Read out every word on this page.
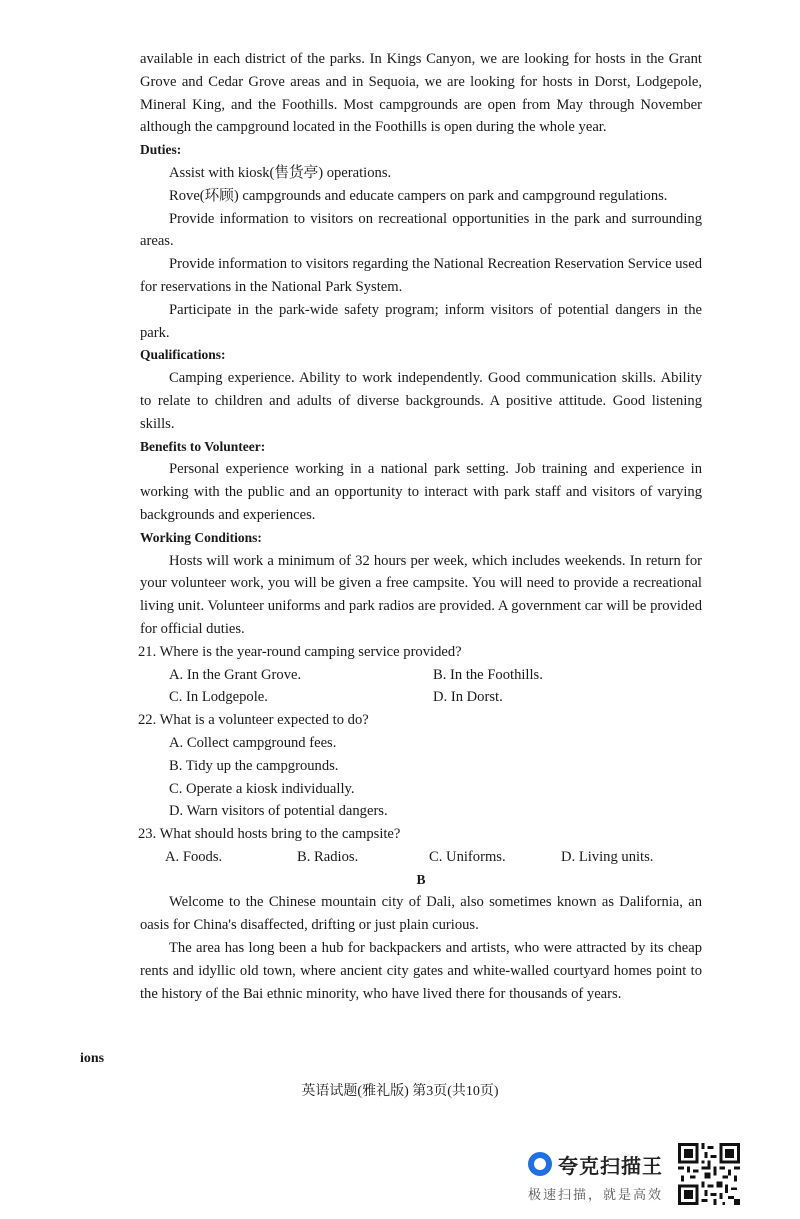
available in each district of the parks. In Kings Canyon, we are looking for hosts in the Grant Grove and Cedar Grove areas and in Sequoia, we are looking for hosts in Dorst, Lodgepole, Mineral King, and the Foothills. Most campgrounds are open from May through November although the campground located in the Foothills is open during the whole year.

Duties:

Assist with kiosk(售货亭) operations.

Rove(环顾) campgrounds and educate campers on park and campground regulations.

Provide information to visitors on recreational opportunities in the park and surrounding areas.

Provide information to visitors regarding the National Recreation Reservation Service used for reservations in the National Park System.

Participate in the park-wide safety program; inform visitors of potential dangers in the park.

Qualifications:

Camping experience. Ability to work independently. Good communication skills. Ability to relate to children and adults of diverse backgrounds. A positive attitude. Good listening skills.

Benefits to Volunteer:

Personal experience working in a national park setting. Job training and experience in working with the public and an opportunity to interact with park staff and visitors of varying backgrounds and experiences.

Working Conditions:

Hosts will work a minimum of 32 hours per week, which includes weekends. In return for your volunteer work, you will be given a free campsite. You will need to provide a recreational living unit. Volunteer uniforms and park radios are provided. A government car will be provided for official duties.

21. Where is the year-round camping service provided?

A. In the Grant Grove.	B. In the Foothills.
C. In Lodgepole.	D. In Dorst.

22. What is a volunteer expected to do?

A. Collect campground fees.

B. Tidy up the campgrounds.

C. Operate a kiosk individually.

D. Warn visitors of potential dangers.

23. What should hosts bring to the campsite?

A. Foods.	B. Radios.	C. Uniforms.	D. Living units.

B

Welcome to the Chinese mountain city of Dali, also sometimes known as Dalifornia, an oasis for China's disaffected, drifting or just plain curious.

The area has long been a hub for backpackers and artists, who were attracted by its cheap rents and idyllic old town, where ancient city gates and white-walled courtyard homes point to the history of the Bai ethnic minority, who have lived there for thousands of years.

ions
英语试题(雅礼版) 第3页(共10页)
夸克扫描王
极速扫描，就是高效
